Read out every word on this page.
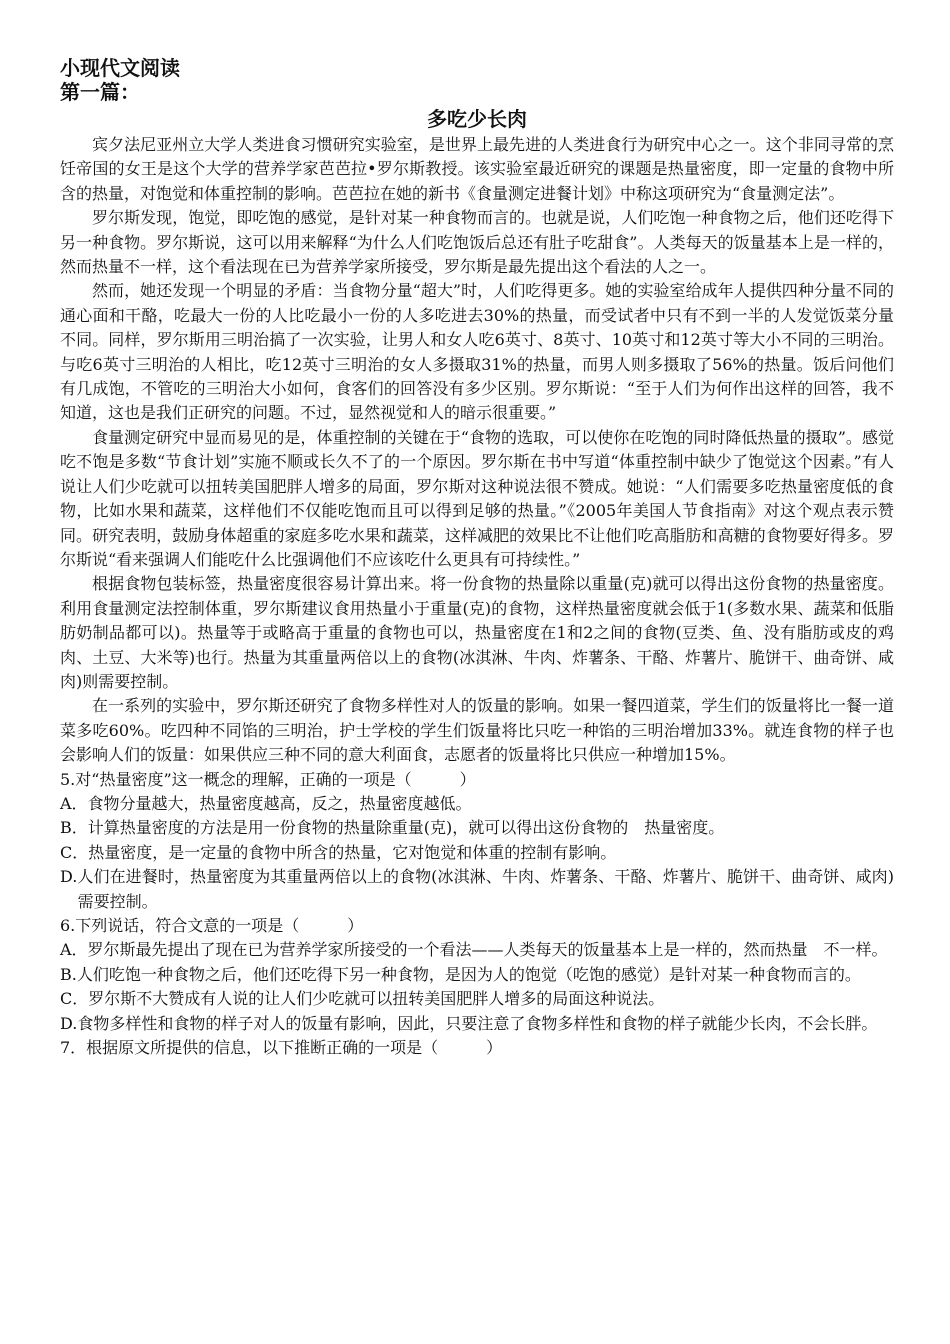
小现代文阅读
第一篇：
多吃少长肉

宾夕法尼亚州立大学人类进食习惯研究实验室，是世界上最先进的人类进食行为研究中心之一。这个非同寻常的烹饪帝国的女王是这个大学的营养学家芭芭拉•罗尔斯教授。该实验室最近研究的课题是热量密度，即一定量的食物中所含的热量，对饱觉和体重控制的影响。芭芭拉在她的新书《食量测定进餐计划》中称这项研究为“食量测定法”。

罗尔斯发现，饱觉，即吃饱的感觉，是针对某一种食物而言的。也就是说，人们吃饱一种食物之后，他们还吃得下另一种食物。罗尔斯说，这可以用来解释“为什么人们吃饱饭后总还有肚子吃甜食”。人类每天的饭量基本上是一样的，然而热量不一样，这个看法现在已为营养学家所接受，罗尔斯是最先提出这个看法的人之一。

然而，她还发现一个明显的矛盾：当食物分量“超大”时，人们吃得更多。她的实验室给成年人提供四种分量不同的通心面和干酪，吃最大一份的人比吃最小一份的人多吃进去30%的热量，而受试者中只有不到一半的人发觉饭菜分量不同。同样，罗尔斯用三明治搞了一次实验，让男人和女人吃6英寸、8英寸、10英寸和12英寸等大小不同的三明治。与吃6英寸三明治的人相比，吃12英寸三明治的女人多摄取31%的热量，而男人则多摄取了56%的热量。饭后问他们有几成饱，不管吃的三明治大小如何，食客们的回答没有多少区别。罗尔斯说：“至于人们为何作出这样的回答，我不知道，这也是我们正研究的问题。不过，显然视觉和人的暗示很重要。”

食量测定研究中显而易见的是，体重控制的关键在于“食物的选取，可以使你在吃饱的同时降低热量的摄取”。感觉吃不饱是多数“节食计划”实施不顺或长久不了的一个原因。罗尔斯在书中写道“体重控制中缺少了饱觉这个因素。”有人说让人们少吃就可以扭转美国肥胖人增多的局面，罗尔斯对这种说法很不赞成。她说：“人们需要多吃热量密度低的食物，比如水果和蔬菜，这样他们不仅能吃饱而且可以得到足够的热量。”《2005年美国人节食指南》对这个观点表示赞同。研究表明，鼓励身体超重的家庭多吃水果和蔬菜，这样减肥的效果比不让他们吃高脂肪和高糖的食物要好得多。罗尔斯说“看来强调人们能吃什么比强调他们不应该吃什么更具有可持续性。”

根据食物包装标签，热量密度很容易计算出来。将一份食物的热量除以重量(克)就可以得出这份食物的热量密度。利用食量测定法控制体重，罗尔斯建议食用热量小于重量(克)的食物，这样热量密度就会低于1(多数水果、蔬菜和低脂肪奶制品都可以)。热量等于或略高于重量的食物也可以，热量密度在1和2之间的食物(豆类、鱼、没有脂肪或皮的鸡肉、土豆、大米等)也行。热量为其重量两倍以上的食物(冰淇淋、牛肉、炸薯条、干酪、炸薯片、脆饼干、曲奇饼、咸肉)则需要控制。

在一系列的实验中，罗尔斯还研究了食物多样性对人的饭量的影响。如果一餐四道菜，学生们的饭量将比一餐一道菜多吃60%。吃四种不同馅的三明治，护士学校的学生们饭量将比只吃一种馅的三明治增加33%。就连食物的样子也会影响人们的饭量：如果供应三种不同的意大利面食，志愿者的饭量将比只供应一种增加15%。

5.对“热量密度”这一概念的理解，正确的一项是（　　　）

A．食物分量越大，热量密度越高，反之，热量密度越低。

B．计算热量密度的方法是用一份食物的热量除重量(克)，就可以得出这份食物的　热量密度。

C．热量密度，是一定量的食物中所含的热量，它对饱觉和体重的控制有影响。

D.人们在进餐时，热量密度为其重量两倍以上的食物(冰淇淋、牛肉、炸薯条、干酪、炸薯片、脆饼干、曲奇饼、咸肉)需要控制。

6.下列说话，符合文意的一项是（　　　）

A．罗尔斯最先提出了现在已为营养学家所接受的一个看法——人类每天的饭量基本上是一样的，然而热量　不一样。

B.人们吃饱一种食物之后，他们还吃得下另一种食物，是因为人的饱觉（吃饱的感觉）是针对某一种食物而言的。

C．罗尔斯不大赞成有人说的让人们少吃就可以扭转美国肥胖人增多的局面这种说法。

D.食物多样性和食物的样子对人的饭量有影响，因此，只要注意了食物多样性和食物的样子就能少长肉，不会长胖。

7．根据原文所提供的信息，以下推断正确的一项是（　　　）
